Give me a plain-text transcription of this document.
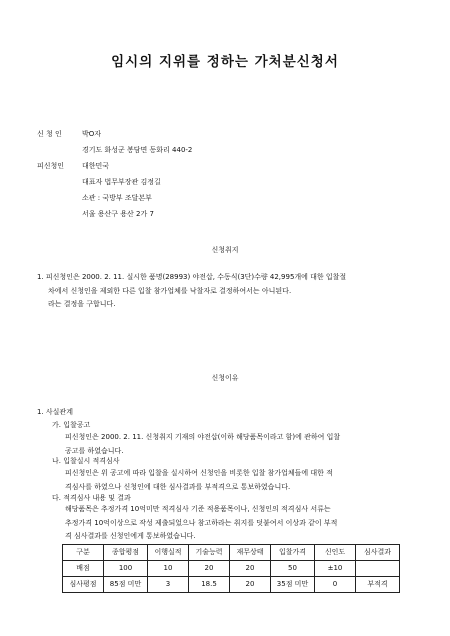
임시의 지위를 정하는 가처분신청서
신 청 인	박O자
경기도 화성군 봉담면 동화리 440-2
피신청인	대한민국
대표자 법무부장관 김정길
소관 : 국방부 조달본부
서울 용산구 용산 2가 7
신청취지
1. 피신청인은 2000. 2. 11. 실시한 품명(28993) 야전삽, 수동식(3단)수량 42,995개에 대한 입찰절
차에서 신청인을 제외한 다른 입찰 참가업체를 낙찰자로 결정하여서는 아니된다.
라는 결정을 구합니다.
신청이유
1. 사실관계
가. 입찰공고
피신청인은 2000. 2. 11. 신청취지 기재의 야전삽(이하 해당품목이라고 함)에 관하여 입찰
공고를 하였습니다.
나. 입찰실시 적격심사
피신청인은 위 공고에 따라 입찰을 실시하여 신청인을 비롯한 입찰 참가업체들에 대한 적
격심사를 하였으나 신청인에 대한 심사결과를 부적격으로 통보하였습니다.
다. 적격심사 내용 및 결과
해당품목은 추정가격 10억미만 적격심사 기준 적용품목이나, 신청인의 적격심사 서류는
추정가격 10억이상으로 작성 제출되었으나 참고하라는 취지를 덧붙여서 이상과 같이 부적
격 심사결과를 신청인에게 통보하였습니다.
구분	종합평점	이행실적	기술능력	재무상태	입찰가격	신인도	심사결과
배점	100	10	20	20	50	±10	
심사평점	85점 미만	3	18.5	20	35점 미만	0	부적격
